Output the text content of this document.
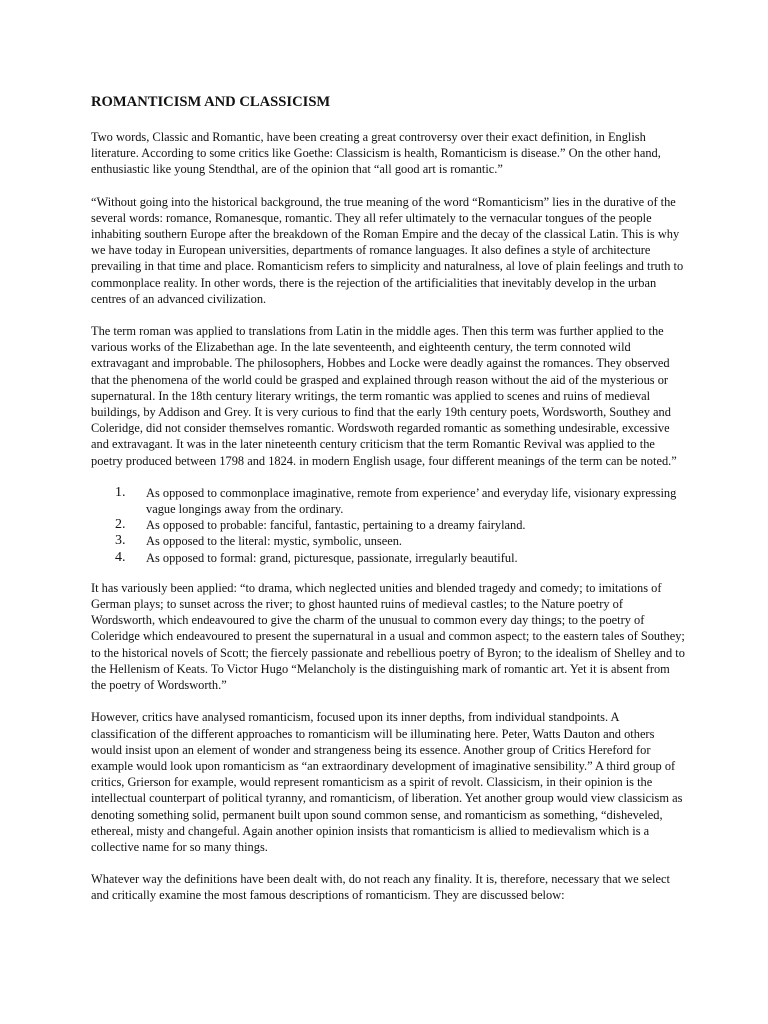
ROMANTICISM AND CLASSICISM

Two words, Classic and Romantic, have been creating a great controversy over their exact definition, in English literature. According to some critics like Goethe: Classicism is health, Romanticism is disease.” On the other hand, enthusiastic like young Stendthal, are of the opinion that “all good art is romantic.”

“Without going into the historical background, the true meaning of the word “Romanticism” lies in the durative of the several words: romance, Romanesque, romantic. They all refer ultimately to the vernacular tongues of the people inhabiting southern Europe after the breakdown of the Roman Empire and the decay of the classical Latin. This is why we have today in European universities, departments of romance languages. It also defines a style of architecture prevailing in that time and place. Romanticism refers to simplicity and naturalness, al love of plain feelings and truth to commonplace reality. In other words, there is the rejection of the artificialities that inevitably develop in the urban centres of an advanced civilization.

The term roman was applied to translations from Latin in the middle ages. Then this term was further applied to the various works of the Elizabethan age. In the late seventeenth, and eighteenth century, the term connoted wild extravagant and improbable. The philosophers, Hobbes and Locke were deadly against the romances. They observed that the phenomena of the world could be grasped and explained through reason without the aid of the mysterious or supernatural. In the 18th century literary writings, the term romantic was applied to scenes and ruins of medieval buildings, by Addison and Grey. It is very curious to find that the early 19th century poets, Wordsworth, Southey and Coleridge, did not consider themselves romantic. Wordswoth regarded romantic as something undesirable, excessive and extravagant. It was in the later nineteenth century criticism that the term Romantic Revival was applied to the poetry produced between 1798 and 1824. in modern English usage, four different meanings of the term can be noted.”

1.	As opposed to commonplace imaginative, remote from experience’ and everyday life, visionary expressing vague longings away from the ordinary.
2.	As opposed to probable: fanciful, fantastic, pertaining to a dreamy fairyland.
3.	As opposed to the literal: mystic, symbolic, unseen.
4.	As opposed to formal: grand, picturesque, passionate, irregularly beautiful.

It has variously been applied: “to drama, which neglected unities and blended tragedy and comedy; to imitations of German plays; to sunset across the river; to ghost haunted ruins of medieval castles; to the Nature poetry of Wordsworth, which endeavoured to give the charm of the unusual to common every day things; to the poetry of Coleridge which endeavoured to present the supernatural in a usual and common aspect; to the eastern tales of Southey; to the historical novels of Scott; the fiercely passionate and rebellious poetry of Byron; to the idealism of Shelley and to the Hellenism of Keats. To Victor Hugo “Melancholy is the distinguishing mark of romantic art. Yet it is absent from the poetry of Wordsworth.”

However, critics have analysed romanticism, focused upon its inner depths, from individual standpoints. A classification of the different approaches to romanticism will be illuminating here. Peter, Watts Dauton and others would insist upon an element of wonder and strangeness being its essence. Another group of Critics Hereford for example would look upon romanticism as “an extraordinary development of imaginative sensibility.” A third group of critics, Grierson for example, would represent romanticism as a spirit of revolt. Classicism, in their opinion is the intellectual counterpart of political tyranny, and romanticism, of liberation. Yet another group would view classicism as denoting something solid, permanent built upon sound common sense, and romanticism as something, “disheveled, ethereal, misty and changeful. Again another opinion insists that romanticism is allied to medievalism which is a collective name for so many things.

Whatever way the definitions have been dealt with, do not reach any finality. It is, therefore, necessary that we select and critically examine the most famous descriptions of romanticism. They are discussed below:
